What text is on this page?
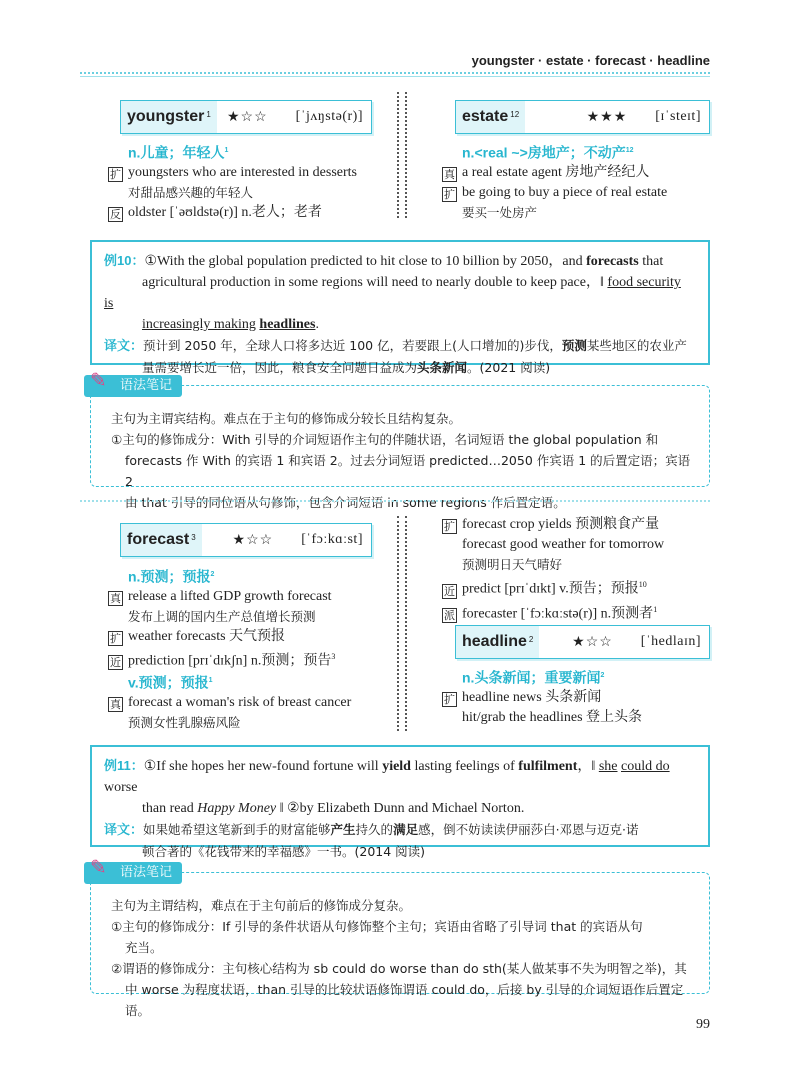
youngster · estate · forecast · headline
youngster 1 ★☆☆ [ˈjʌŋstə(r)]
n.儿童；年轻人$^1$
扩 youngsters who are interested in desserts
对甜品感兴趣的年轻人
反 oldster [ˈəʊldstə(r)] n.老人；老者
estate 12	★★★ [ɪˈsteɪt]
n.<real ~>房地产；不动产$^{12}$
真 a real estate agent 房地产经纪人
扩 be going to buy a piece of real estate
要买一处房产
例10：①With the global population predicted to hit close to 10 billion by 2050，and forecasts that
agricultural production in some regions will need to nearly double to keep pace，‖ food security is
increasingly making headlines.
译文：预计到 2050 年，全球人口将多达近 100 亿，若要跟上(人口增加的)步伐，预测某些地区的农业产
量需要增长近一倍，因此，粮食安全问题日益成为头条新闻。(2021 阅读)
主句为主谓宾结构。难点在于主句的修饰成分较长且结构复杂。
①主句的修饰成分：With 引导的介词短语作主句的伴随状语，名词短语 the global population 和
forecasts 作 With 的宾语 1 和宾语 2。过去分词短语 predicted…2050 作宾语 1 的后置定语；宾语 2
由 that 引导的同位语从句修饰，包含介词短语 in some regions 作后置定语。
✎ 语法笔记
forecast 3	★☆☆ [ˈfɔːkɑːst]
n.预测；预报$^2$
真 release a lifted GDP growth forecast
发布上调的国内生产总值增长预测
扩 weather forecasts 天气预报
近 prediction [prɪˈdɪkʃn] n.预测；预告$^3$
v.预测；预报$^1$
真 forecast a woman's risk of breast cancer
预测女性乳腺癌风险
扩 forecast crop yields 预测粮食产量
forecast good weather for tomorrow
预测明日天气晴好
近 predict [prɪˈdɪkt] v.预告；预报$^{10}$
派 forecaster [ˈfɔːkɑːstə(r)] n.预测者$^1$
headline 2	★☆☆ [ˈhedlaɪn]
n.头条新闻；重要新闻$^2$
扩 headline news 头条新闻
hit/grab the headlines 登上头条
例11：①If she hopes her new-found fortune will yield lasting feelings of fulfilment，‖ she could do worse
than read Happy Money ‖ ②by Elizabeth Dunn and Michael Norton.
译文：如果她希望这笔新到手的财富能够产生持久的满足感，倒不妨读读伊丽莎白·邓恩与迈克·诺
顿合著的《花钱带来的幸福感》一书。(2014 阅读)
主句为主谓结构，难点在于主句前后的修饰成分复杂。
①主句的修饰成分：If 引导的条件状语从句修饰整个主句；宾语由省略了引导词 that 的宾语从句
充当。
②谓语的修饰成分：主句核心结构为 sb could do worse than do sth(某人做某事不失为明智之举)，其
中 worse 为程度状语，than 引导的比较状语修饰谓语 could do，后接 by 引导的介词短语作后置定语。
✎ 语法笔记
99
